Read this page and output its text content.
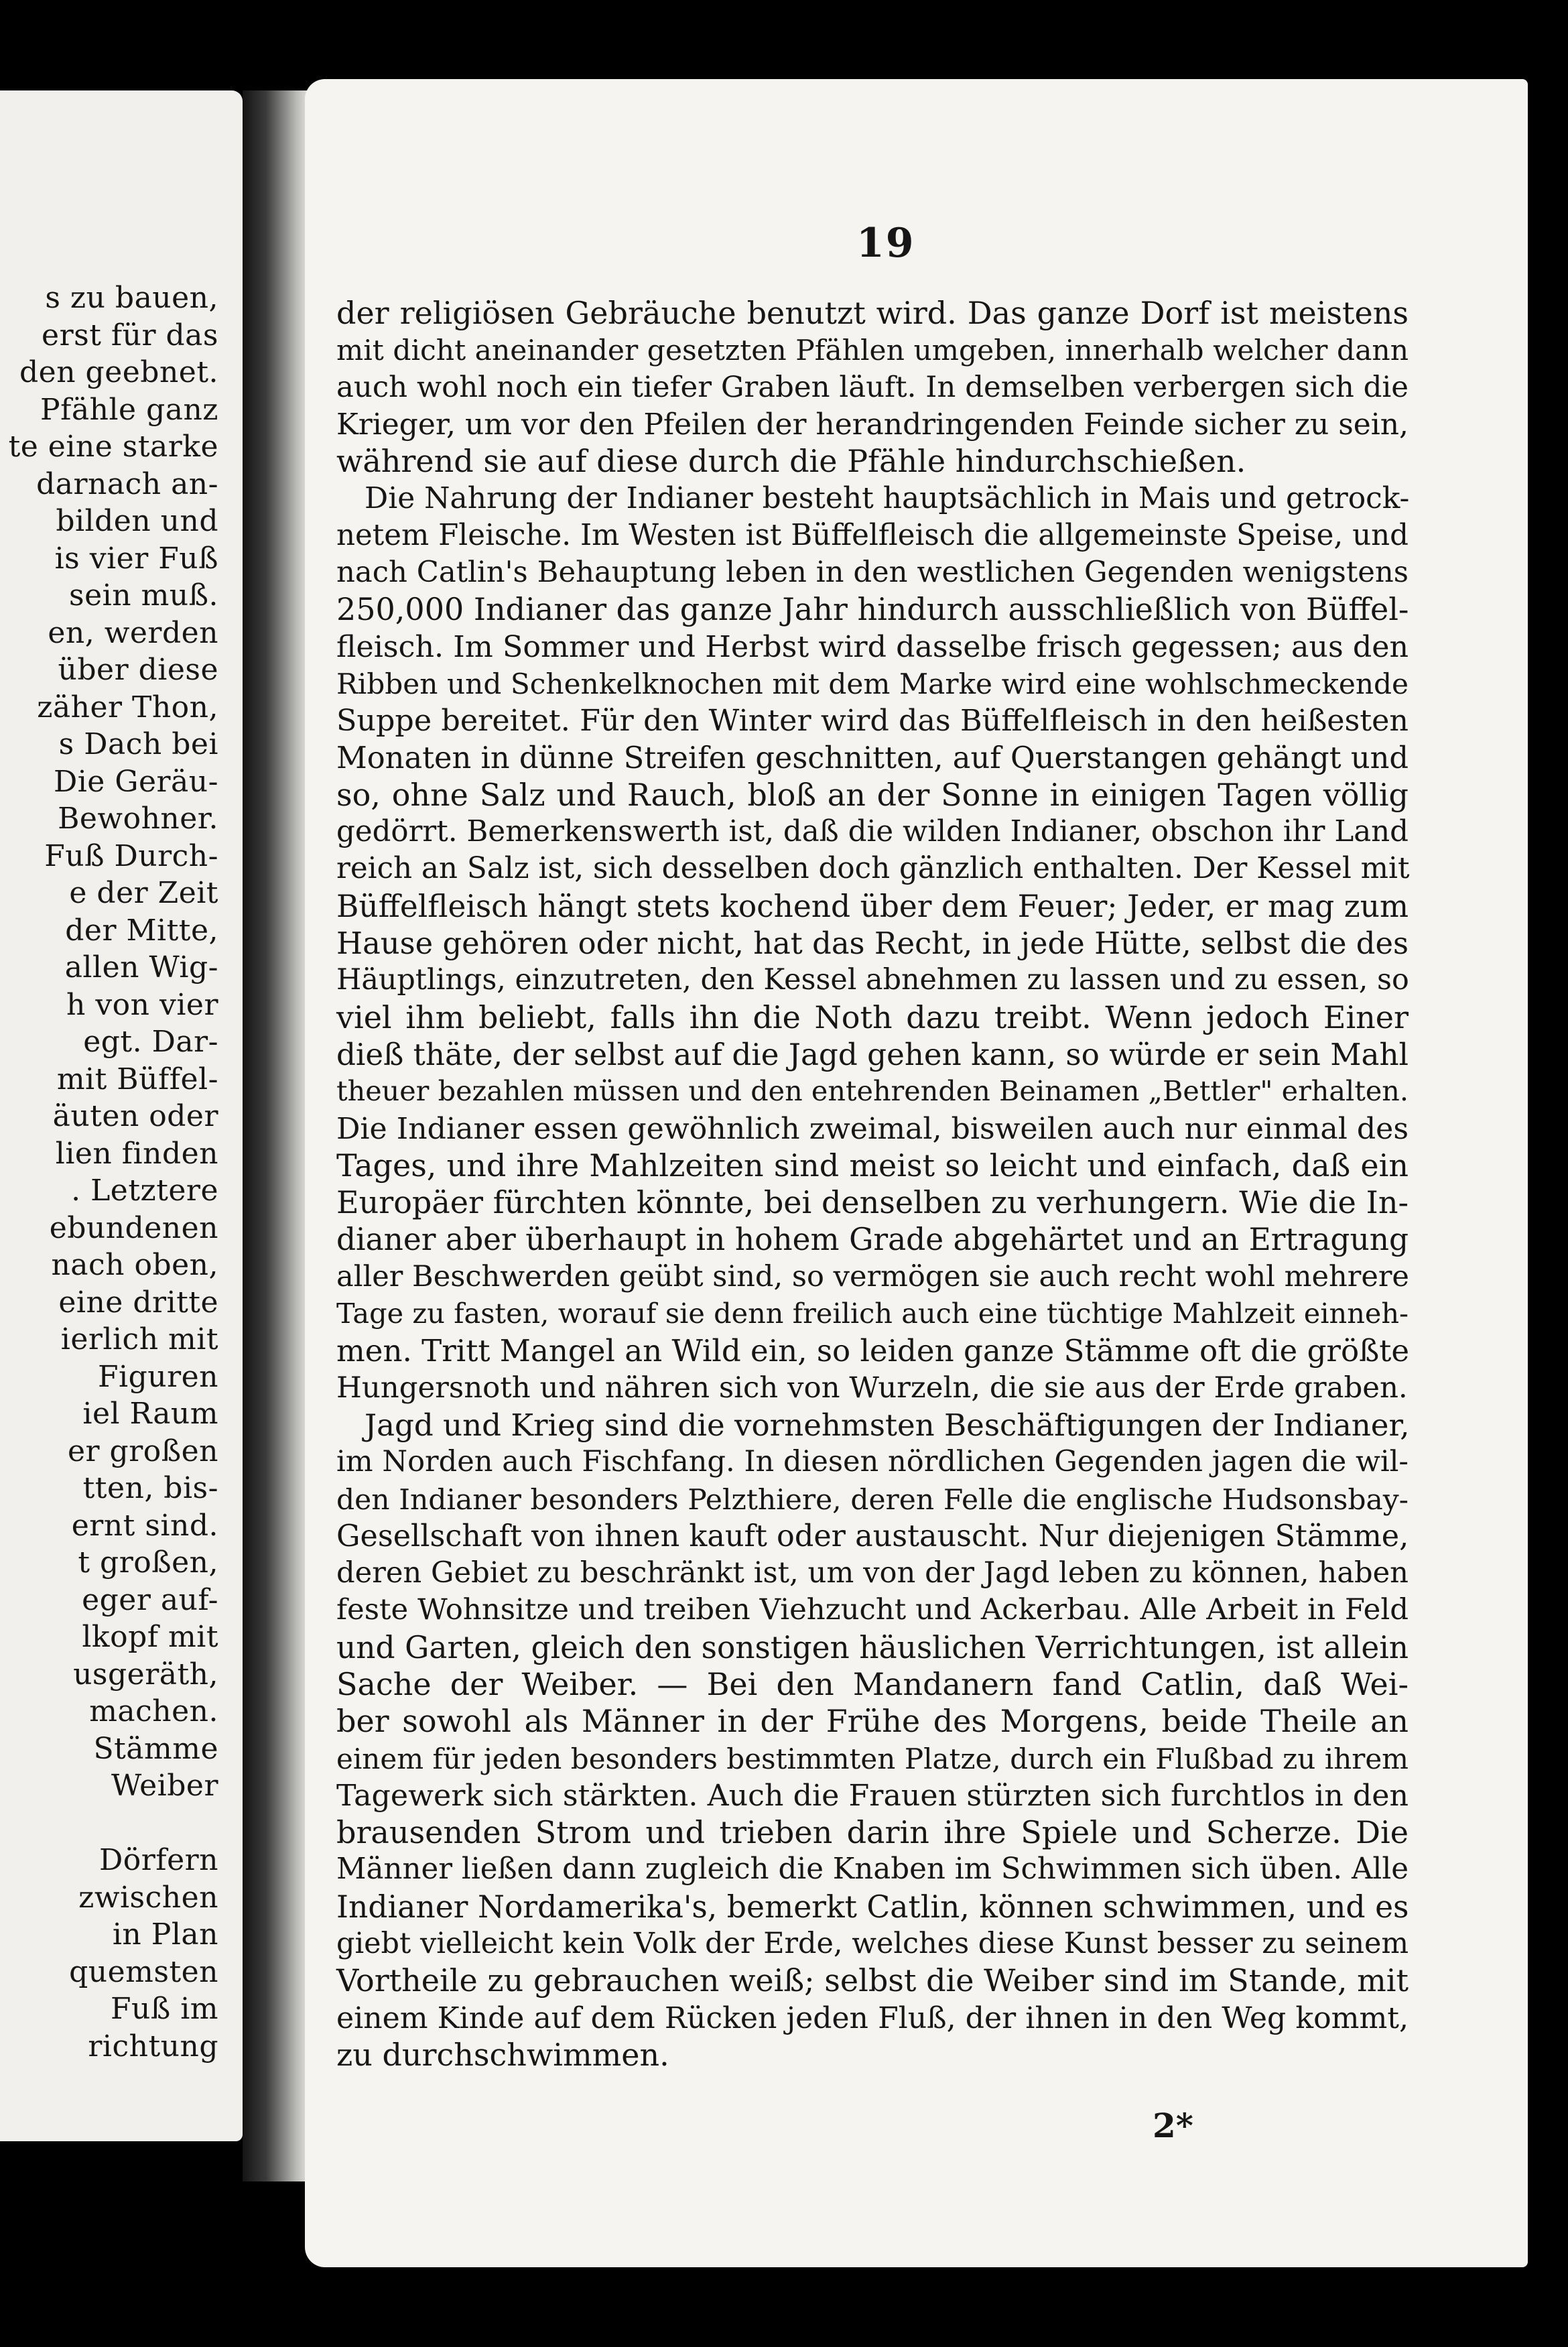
s zu bauen,
erst für das
den geebnet.
Pfähle ganz
te eine starke
darnach an-
bilden und
is vier Fuß
sein muß.
en, werden
über diese
zäher Thon,
s Dach bei
Die Geräu-
Bewohner.
Fuß Durch-
e der Zeit
der Mitte,
allen Wig-
h von vier
egt. Dar-
mit Büffel-
äuten oder
lien finden
. Letztere
ebundenen
nach oben,
eine dritte
ierlich mit
Figuren
iel Raum
er großen
tten, bis-
ernt sind.
t großen,
eger auf-
lkopf mit
usgeräth,
machen.
Stämme
Weiber
Dörfern
zwischen
in Plan
quemsten
Fuß im
richtung
19
der religiösen Gebräuche benutzt wird. Das ganze Dorf ist meistens
mit dicht aneinander gesetzten Pfählen umgeben, innerhalb welcher dann
auch wohl noch ein tiefer Graben läuft. In demselben verbergen sich die
Krieger, um vor den Pfeilen der herandringenden Feinde sicher zu sein,
während sie auf diese durch die Pfähle hindurchschießen.
Die Nahrung der Indianer besteht hauptsächlich in Mais und getrock-
netem Fleische. Im Westen ist Büffelfleisch die allgemeinste Speise, und
nach Catlin's Behauptung leben in den westlichen Gegenden wenigstens
250,000 Indianer das ganze Jahr hindurch ausschließlich von Büffel-
fleisch. Im Sommer und Herbst wird dasselbe frisch gegessen; aus den
Ribben und Schenkelknochen mit dem Marke wird eine wohlschmeckende
Suppe bereitet. Für den Winter wird das Büffelfleisch in den heißesten
Monaten in dünne Streifen geschnitten, auf Querstangen gehängt und
so, ohne Salz und Rauch, bloß an der Sonne in einigen Tagen völlig
gedörrt. Bemerkenswerth ist, daß die wilden Indianer, obschon ihr Land
reich an Salz ist, sich desselben doch gänzlich enthalten. Der Kessel mit
Büffelfleisch hängt stets kochend über dem Feuer; Jeder, er mag zum
Hause gehören oder nicht, hat das Recht, in jede Hütte, selbst die des
Häuptlings, einzutreten, den Kessel abnehmen zu lassen und zu essen, so
viel ihm beliebt, falls ihn die Noth dazu treibt. Wenn jedoch Einer
dieß thäte, der selbst auf die Jagd gehen kann, so würde er sein Mahl
theuer bezahlen müssen und den entehrenden Beinamen „Bettler" erhalten.
Die Indianer essen gewöhnlich zweimal, bisweilen auch nur einmal des
Tages, und ihre Mahlzeiten sind meist so leicht und einfach, daß ein
Europäer fürchten könnte, bei denselben zu verhungern. Wie die In-
dianer aber überhaupt in hohem Grade abgehärtet und an Ertragung
aller Beschwerden geübt sind, so vermögen sie auch recht wohl mehrere
Tage zu fasten, worauf sie denn freilich auch eine tüchtige Mahlzeit einneh-
men. Tritt Mangel an Wild ein, so leiden ganze Stämme oft die größte
Hungersnoth und nähren sich von Wurzeln, die sie aus der Erde graben.
Jagd und Krieg sind die vornehmsten Beschäftigungen der Indianer,
im Norden auch Fischfang. In diesen nördlichen Gegenden jagen die wil-
den Indianer besonders Pelzthiere, deren Felle die englische Hudsonsbay-
Gesellschaft von ihnen kauft oder austauscht. Nur diejenigen Stämme,
deren Gebiet zu beschränkt ist, um von der Jagd leben zu können, haben
feste Wohnsitze und treiben Viehzucht und Ackerbau. Alle Arbeit in Feld
und Garten, gleich den sonstigen häuslichen Verrichtungen, ist allein
Sache der Weiber. — Bei den Mandanern fand Catlin, daß Wei-
ber sowohl als Männer in der Frühe des Morgens, beide Theile an
einem für jeden besonders bestimmten Platze, durch ein Flußbad zu ihrem
Tagewerk sich stärkten. Auch die Frauen stürzten sich furchtlos in den
brausenden Strom und trieben darin ihre Spiele und Scherze. Die
Männer ließen dann zugleich die Knaben im Schwimmen sich üben. Alle
Indianer Nordamerika's, bemerkt Catlin, können schwimmen, und es
giebt vielleicht kein Volk der Erde, welches diese Kunst besser zu seinem
Vortheile zu gebrauchen weiß; selbst die Weiber sind im Stande, mit
einem Kinde auf dem Rücken jeden Fluß, der ihnen in den Weg kommt,
zu durchschwimmen.
2*
